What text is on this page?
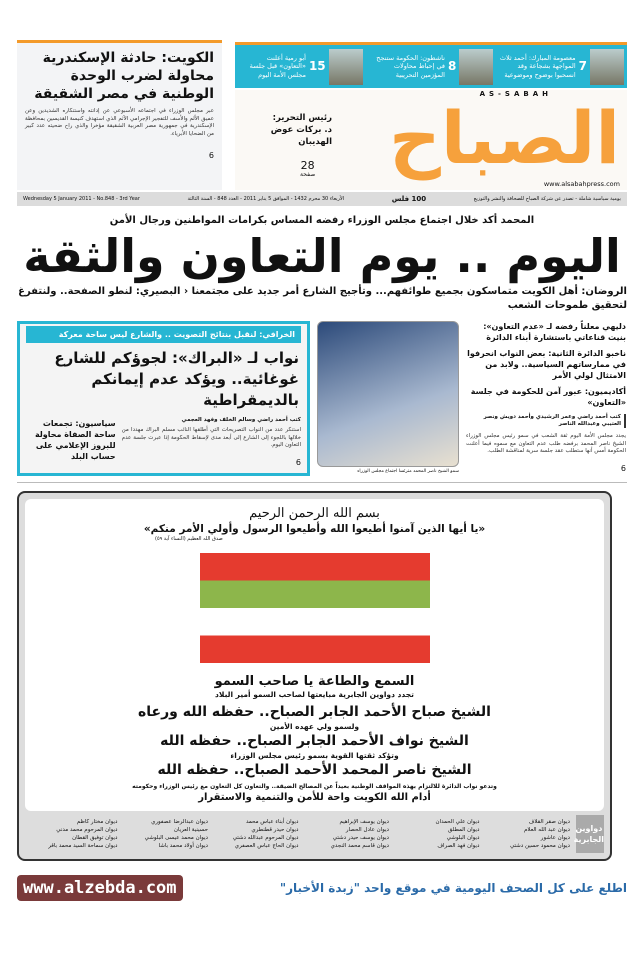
الكويت: حادثة الإسكندرية محاولة لضرب الوحدة الوطنية في مصر الشقيقة

عبر مجلس الوزراء في اجتماعه الأسبوعي عن إدانته واستنكاره الشديدين وعن عميق الألم والأسف للتفجير الإجرامي الآثم الذي استهدف كنيسة القديسين بمحافظة الإسكندرية في جمهورية مصر العربية الشقيقة مؤخرا والذي راح ضحيته عدد كبير من الضحايا الأبرياء.

6
7
معصومة المبارك: أحمد ثلاث المواجهة بشجاعة وقد انسحبوا بوضوح وموضوعية
8
ناشطون: الحكومة ستنجح في إحباط محاولات المؤزمين التحريبية
15
أبو رمية أعلنت «التعاون» قبل جلسة مجلس الأمة اليوم
AS-SABAH
الصباح
رئيس التحرير:
د. بركات عوض الهديبان
28
صفحة
www.alsabahpress.com
Wednesday 5 January 2011 - No.848 - 3rd Year	الأربعاء 30 محرم 1432 - الموافق 5 يناير 2011 - العدد 848 - السنة الثالثة	100 فلس	يومية سياسية شاملة - تصدر عن شركة الصباح للصحافة والنشر والتوزيع
المحمد أكد خلال اجتماع مجلس الوزراء رفضه المساس بكرامات المواطنين ورجال الأمن
اليوم .. يوم التعاون والثقة
الروضان: أهل الكويت متماسكون بجميع طوائفهم... وتأجيج الشارع أمر جديد على مجتمعنا ‹ البصيري: لنطو الصفحة.. ولنتفرغ لتحقيق طموحات الشعب
الخرافي: لنقبل بنتائج التصويت .. والشارع ليس ساحة معركة
نواب لـ «البراك»: لجوؤكم للشارع غوغائية.. ويؤكد عدم إيمانكم بالديمقراطية
كتب أحمد راضي وسالم الخلف وفهد العجمي

استنكر عدد من النواب التصريحات التي أطلقها النائب مسلم البراك مهددا من خلالها باللجوء إلى الشارع إلى أبعد مدى لإسقاط الحكومة إذا عبرت جلسة عدم التعاون اليوم.

6
سياسيون: تجمعات ساحة الصفاة محاولة للبروز الإعلامي على حساب البلد
سمو الشيخ ناصر المحمد مترئسا اجتماع مجلس الوزراء
دليهي معلناً رفضه لـ «عدم التعاون»: بنيت قناعاتي باستشارة أبناء الدائرة
ناخبو الدائرة الثانية: بعض النواب انحرفوا في ممارساتهم السياسية.. ولابد من الامتثال لولي الأمر
أكاديميون: عبور آمن للحكومة في جلسة «التعاون»
كتب أحمد راضي وعمر الرشيدي وأحمد دويش ونصر العتيبي وعبدالله الناصر

يجدد مجلس الأمة اليوم ثقة الشعب في سمو رئيس مجلس الوزراء الشيخ ناصر المحمد برفضه طلب عدم التعاون مع سموه فيما أعلنت الحكومة أمس أنها ستطلب عقد جلسة سرية لمناقشة الطلب.

6
بسم الله الرحمن الرحيم
«يا أيها الذين آمنوا أطيعوا الله وأطيعوا الرسول وأولي الأمر منكم»
صدق الله العظيم (النساء آية ٥٩)
السمع والطاعة يا صاحب السمو
تجدد دواوين الجابرية مبايعتها لصاحب السمو أمير البلاد
الشيخ صباح الأحمد الجابر الصباح.. حفظه الله ورعاه
ولسمو ولي عهده الأمين
الشيخ نواف الأحمد الجابر الصباح.. حفظه الله
وتؤكد ثقتها القوية بسمو رئيس مجلس الوزراء
الشيخ ناصر المحمد الأحمد الصباح.. حفظه الله
وتدعو نواب الدائرة للالتزام بهذه المواقف الوطنية بعيداً عن المصالح الضيقة.. والتعاون كل التعاون مع رئيس الوزراء وحكومته
أدام الله الكويت واحة للأمن والتنمية والاستقرار
دواوين الجابرية
ديوان صقر القلاف
ديوان عبد الله العلام
ديوان عاشور
ديوان محمود حسين دشتي
ديوان علي الحمدان
ديوان المطلق
ديوان البلوشي
ديوان فهد الصراف
ديوان يوسف الإبراهيم
ديوان عادل الحصار
ديوان يوسف حيدر دشتي
ديوان قاسم محمد النجدي
ديوان أبناء عباس محمد
ديوان حيدر قطنطري
ديوان المرحوم عبدالله دشتي
ديوان الحاج عباس العصفري
ديوان عبدالرضا عصفوري
حسينية العريان
ديوان محمد عيسى البلوشي
ديوان أولاد محمد باشا
ديوان مختار كاظم
ديوان المرحوم محمد مدني
ديوان توفيق القطان
ديوان سماحة السيد محمد باقر
www.alzebda.com	اطلع على كل الصحف اليومية في موقع واحد "زبدة الأخبار"
